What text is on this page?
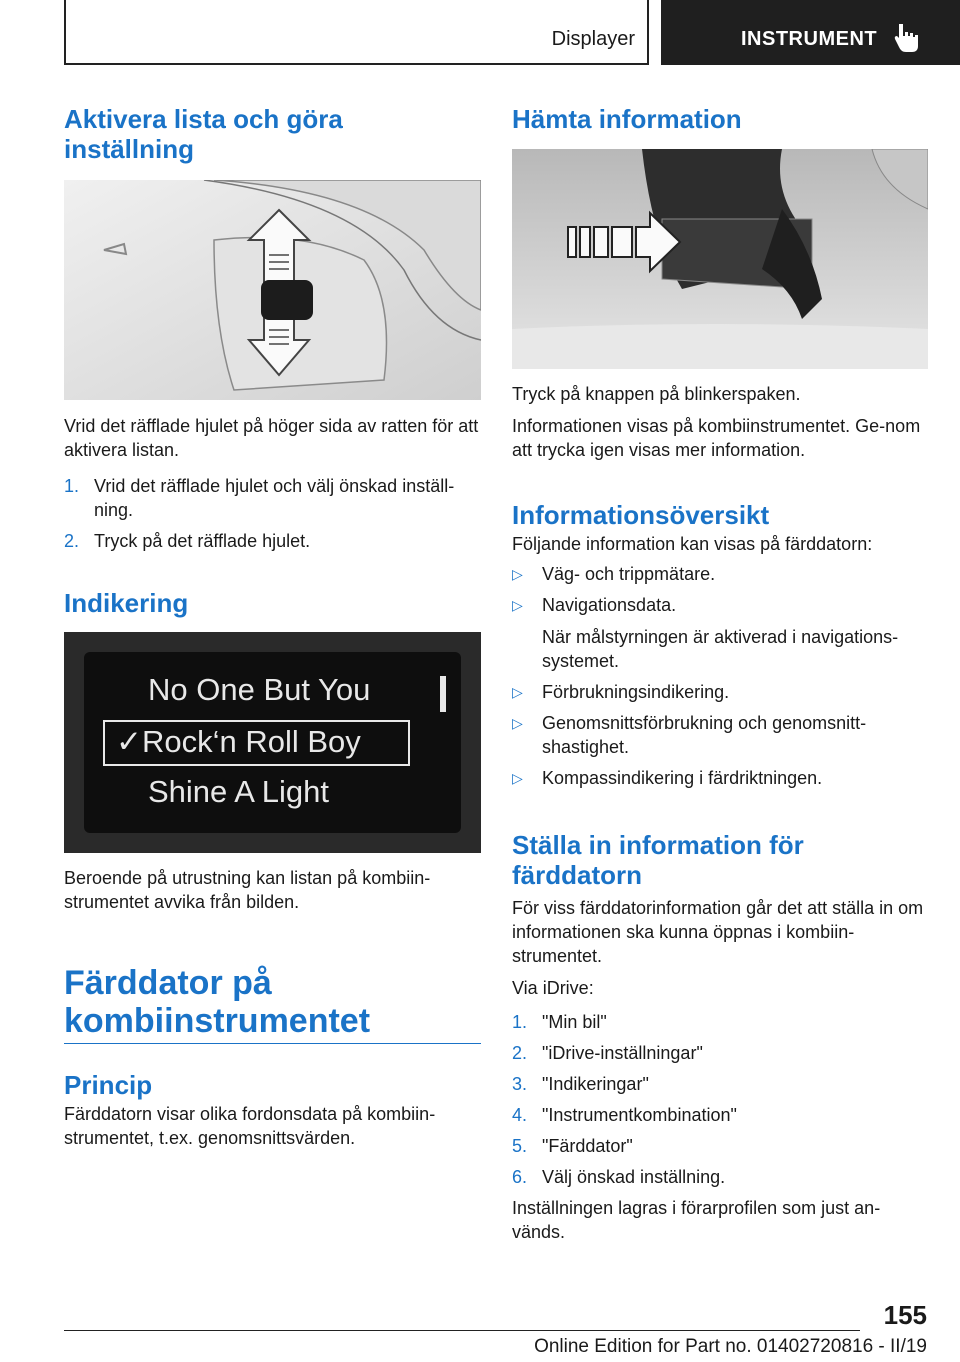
Displayer	INSTRUMENT
Aktivera lista och göra inställning

Vrid det räfflade hjulet på höger sida av ratten för att aktivera listan.

1. Vrid det räfflade hjulet och välj önskad inställ-ning.
2. Tryck på det räfflade hjulet.
Indikering
No One But You
✓Rock‘n Roll Boy
Shine A Light

Beroende på utrustning kan listan på kombiin-strumentet avvika från bilden.

Färddator på kombiinstrumentet
Princip

Färddatorn visar olika fordonsdata på kombiin-strumentet, t.ex. genomsnittsvärden.

Hämta information

Tryck på knappen på blinkerspaken.

Informationen visas på kombiinstrumentet. Ge-nom att trycka igen visas mer information.

Informationsöversikt

Följande information kan visas på färddatorn:

▷ Väg- och trippmätare.
▷ Navigationsdata.
När målstyrningen är aktiverad i navigations-systemet.
▷ Förbrukningsindikering.
▷ Genomsnittsförbrukning och genomsnitt-shastighet.
▷ Kompassindikering i färdriktningen.
Ställa in information för färddatorn

För viss färddatorinformation går det att ställa in om informationen ska kunna öppnas i kombiin-strumentet.

Via iDrive:

1. "Min bil"
2. "iDrive-inställningar"
3. "Indikeringar"
4. "Instrumentkombination"
5. "Färddator"
6. Välj önskad inställning.

Inställningen lagras i förarprofilen som just an-vänds.

155
Online Edition for Part no. 01402720816 - II/19
